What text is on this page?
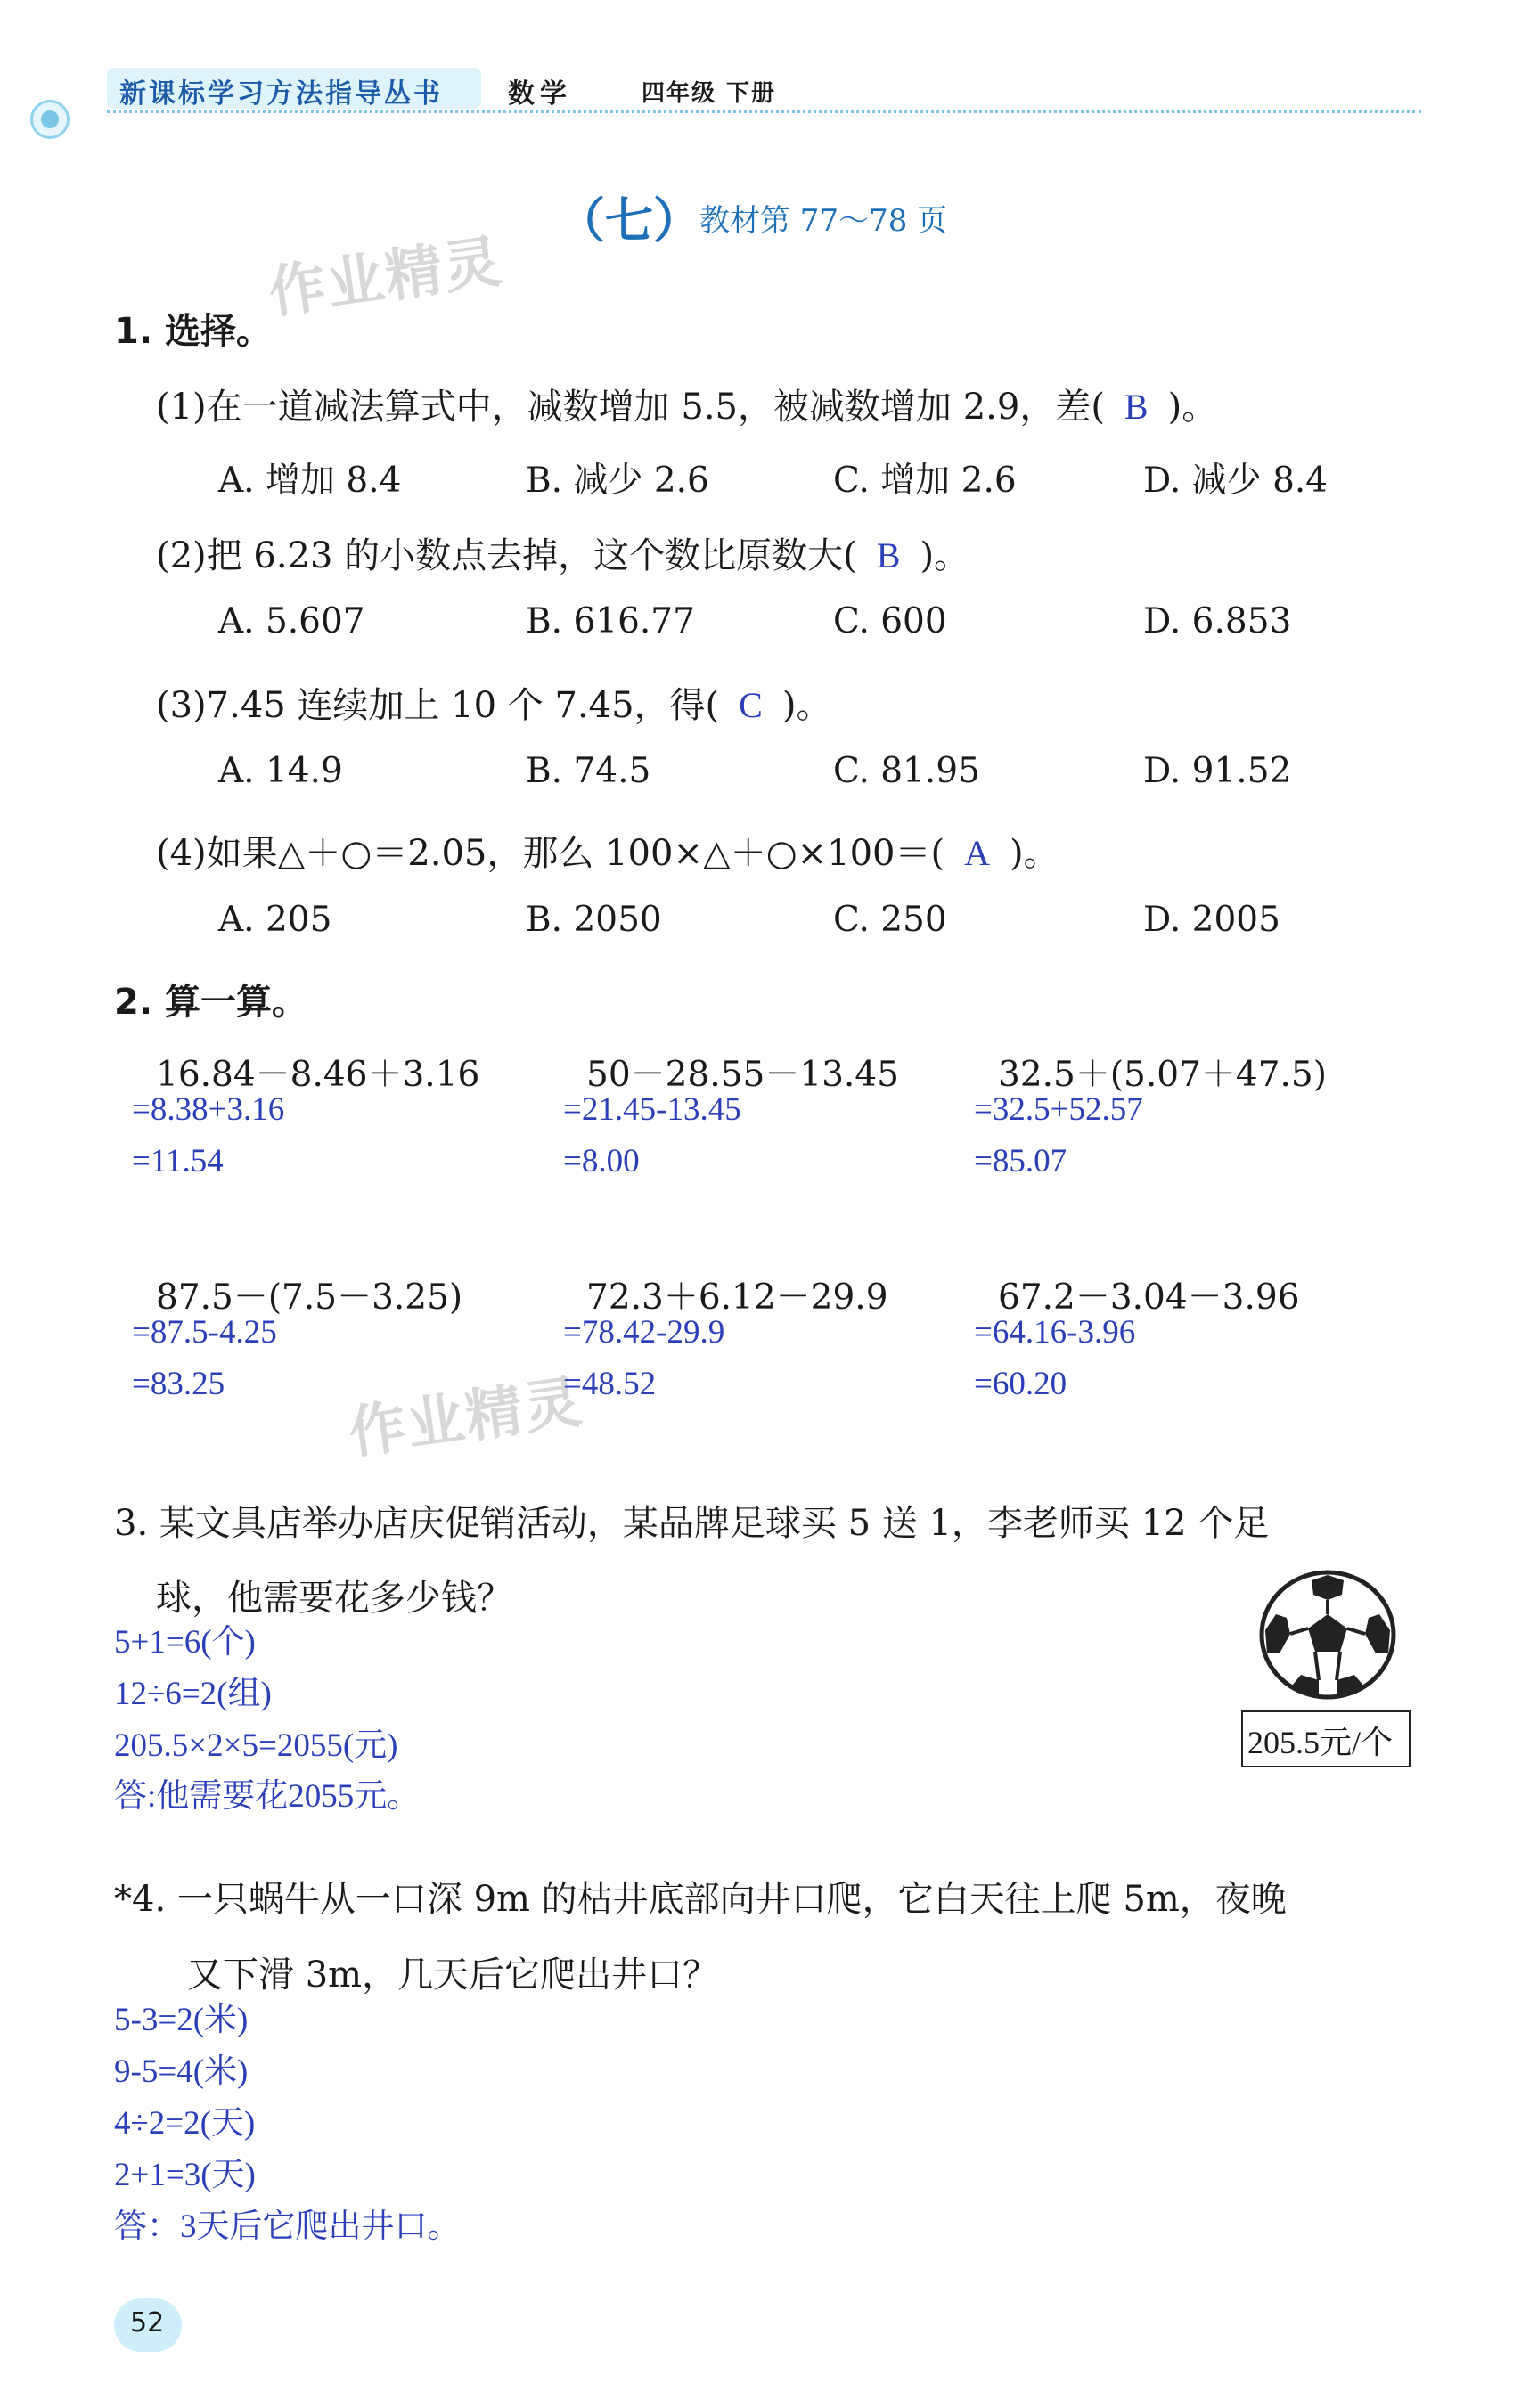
新课标学习方法指导丛书 数学	四年级 下册
（七）
教材第 77～78 页
作业精灵
作业精灵
1. 选择。
(1)在一道减法算式中，减数增加 5.5，被减数增加 2.9，差( B )。
A. 增加 8.4	B. 减少 2.6	C. 增加 2.6	D. 减少 8.4
(2)把 6.23 的小数点去掉，这个数比原数大( B )。
A. 5.607	B. 616.77	C. 600	D. 6.853
(3)7.45 连续加上 10 个 7.45，得( C )。
A. 14.9	B. 74.5	C. 81.95	D. 91.52
(4)如果△＋○＝2.05，那么 100×△＋○×100＝( A )。
A. 205	B. 2050	C. 250	D. 2005
2. 算一算。
16.84－8.46＋3.16
=8.38+3.16
=11.54
50－28.55－13.45
=21.45-13.45
=8.00
32.5＋(5.07＋47.5)
=32.5+52.57
=85.07
87.5－(7.5－3.25)
=87.5-4.25
=83.25
72.3＋6.12－29.9
=78.42-29.9
=48.52
67.2－3.04－3.96
=64.16-3.96
=60.20
3. 某文具店举办店庆促销活动，某品牌足球买 5 送 1，李老师买 12 个足
球，他需要花多少钱？
5+1=6(个)
12÷6=2(组)
205.5×2×5=2055(元)
答:他需要花2055元。
205.5元/个
*4. 一只蜗牛从一口深 9m 的枯井底部向井口爬，它白天往上爬 5m，夜晚
又下滑 3m，几天后它爬出井口？
5-3=2(米)
9-5=4(米)
4÷2=2(天)
2+1=3(天)
答：3天后它爬出井口。
52
